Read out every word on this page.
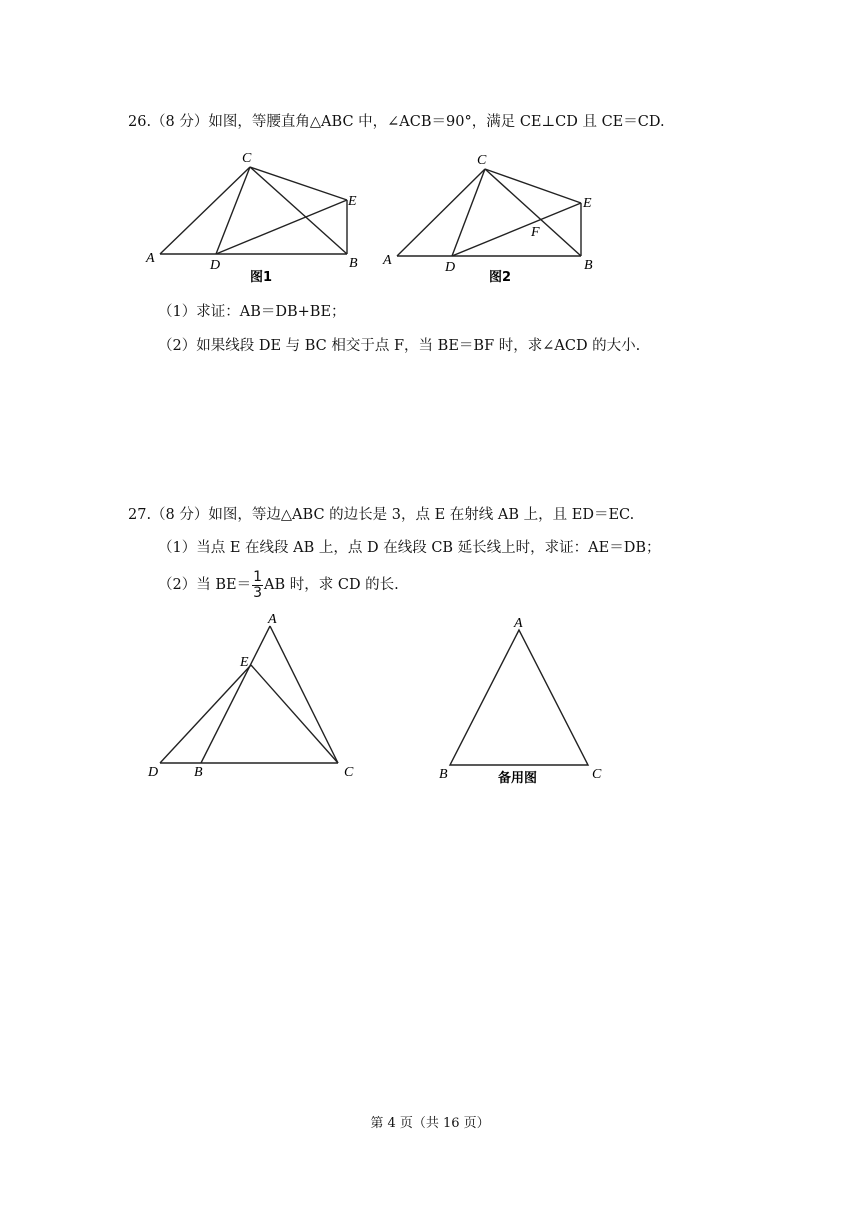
26.（8 分）如图，等腰直角△ABC 中，∠ACB＝90°，满足 CE⊥CD 且 CE＝CD.
A
C
E
D	B
图1
A
C
E
F
D	B
图2
（1）求证：AB＝DB+BE；
（2）如果线段 DE 与 BC 相交于点 F，当 BE＝BF 时，求∠ACD 的大小.
27.（8 分）如图，等边△ABC 的边长是 3，点 E 在射线 AB 上，且 ED＝EC.
（1）当点 E 在线段 AB 上，点 D 在线段 CB 延长线上时，求证：AE＝DB；
（2）当 $BE= \frac{1}{3}$ AB 时，求 CD 的长.
A
E
D	B	C
A
B	C
备用图
第 4 页（共 16 页）
